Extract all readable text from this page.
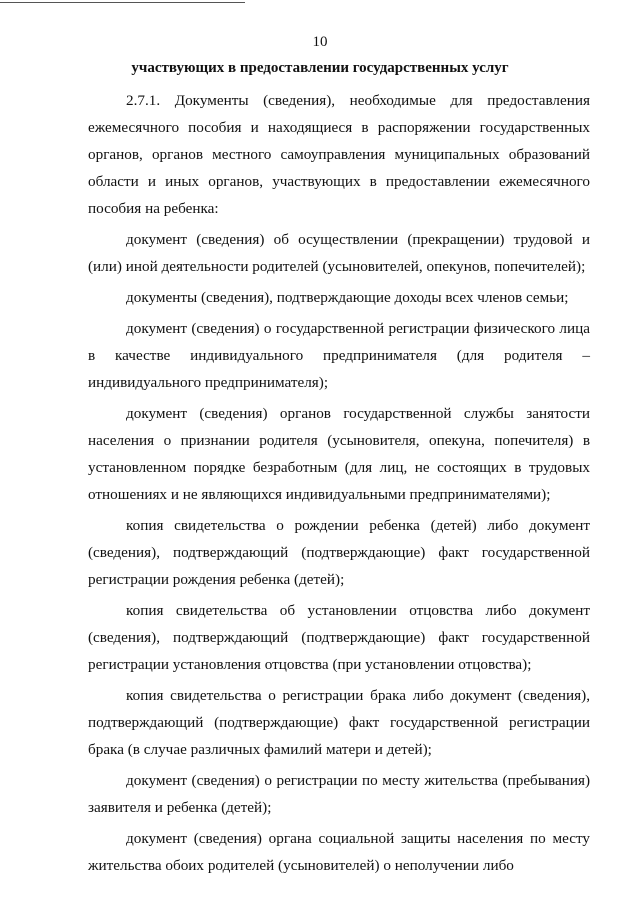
10
участвующих в предоставлении государственных услуг

2.7.1. Документы (сведения), необходимые для предоставления ежемесячного пособия и находящиеся в распоряжении государственных органов, органов местного самоуправления муниципальных образований области и иных органов, участвующих в предоставлении ежемесячного пособия на ребенка:

документ (сведения) об осуществлении (прекращении) трудовой и (или) иной деятельности родителей (усыновителей, опекунов, попечителей);

документы (сведения), подтверждающие доходы всех членов семьи;

документ (сведения) о государственной регистрации физического лица в качестве индивидуального предпринимателя (для родителя – индивидуального предпринимателя);

документ (сведения) органов государственной службы занятости населения о признании родителя (усыновителя, опекуна, попечителя) в установленном порядке безработным (для лиц, не состоящих в трудовых отношениях и не являющихся индивидуальными предпринимателями);

копия свидетельства о рождении ребенка (детей) либо документ (сведения), подтверждающий (подтверждающие) факт государственной регистрации рождения ребенка (детей);

копия свидетельства об установлении отцовства либо документ (сведения), подтверждающий (подтверждающие) факт государственной регистрации установления отцовства (при установлении отцовства);

копия свидетельства о регистрации брака либо документ (сведения), подтверждающий (подтверждающие) факт государственной регистрации брака (в случае различных фамилий матери и детей);

документ (сведения) о регистрации по месту жительства (пребывания) заявителя и ребенка (детей);

документ (сведения) органа социальной защиты населения по месту жительства обоих родителей (усыновителей) о неполучении либо
